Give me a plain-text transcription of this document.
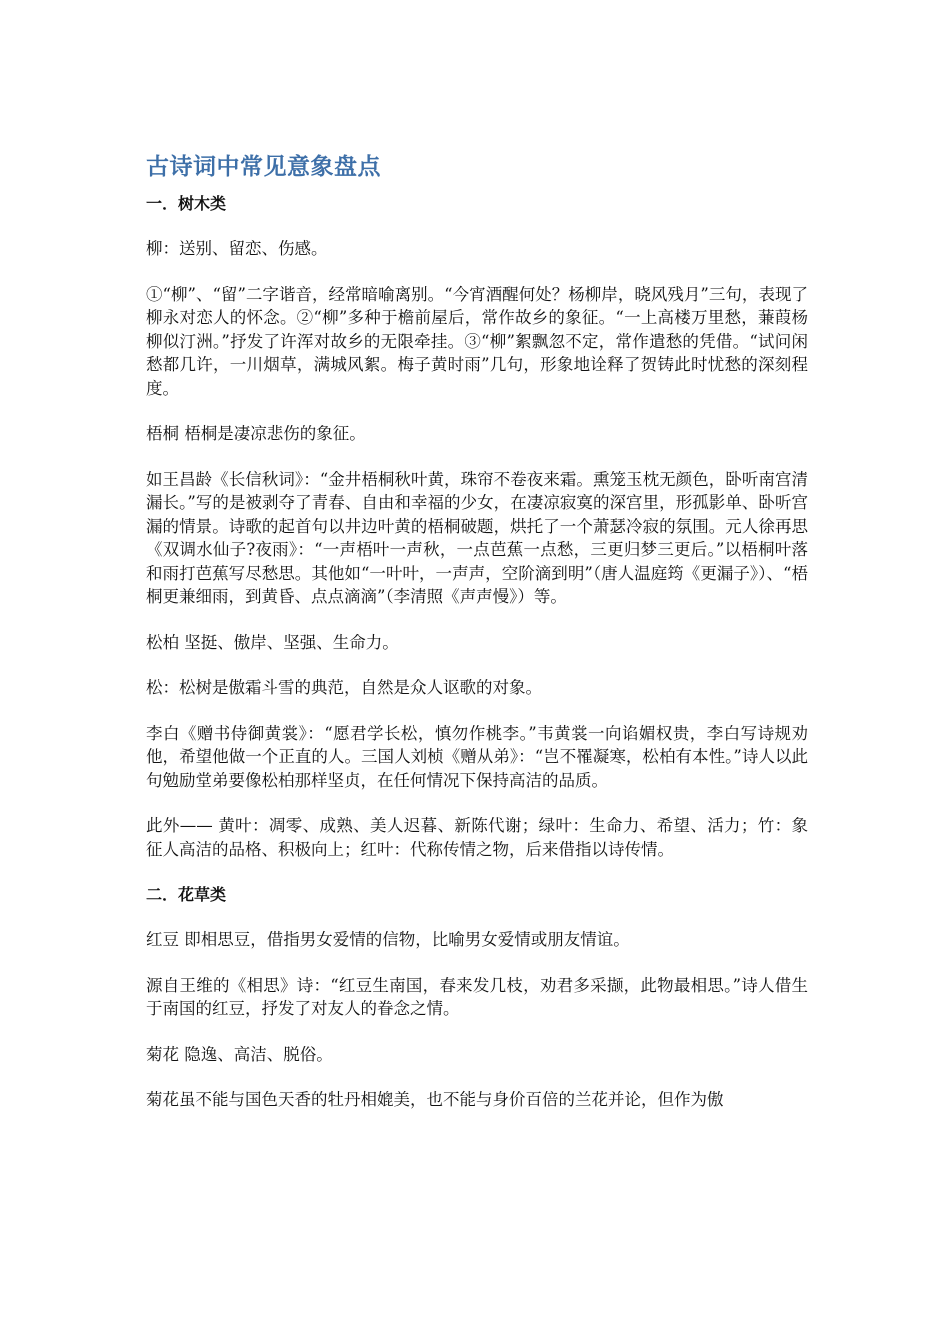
古诗词中常见意象盘点
一．树木类

柳：送别、留恋、伤感。

①“柳”、“留”二字谐音，经常暗喻离别。“今宵酒醒何处？杨柳岸，晓风残月”三句，表现了柳永对恋人的怀念。②“柳”多种于檐前屋后，常作故乡的象征。“一上高楼万里愁，蒹葭杨柳似汀洲。”抒发了许浑对故乡的无限牵挂。③“柳”絮飘忽不定，常作遣愁的凭借。“试问闲愁都几许，一川烟草，满城风絮。梅子黄时雨”几句，形象地诠释了贺铸此时忧愁的深刻程度。

梧桐 梧桐是凄凉悲伤的象征。

如王昌龄《长信秋词》：“金井梧桐秋叶黄，珠帘不卷夜来霜。熏笼玉枕无颜色，卧听南宫清漏长。”写的是被剥夺了青春、自由和幸福的少女，在凄凉寂寞的深宫里，形孤影单、卧听宫漏的情景。诗歌的起首句以井边叶黄的梧桐破题，烘托了一个萧瑟冷寂的氛围。元人徐再思《双调水仙子?夜雨》：“一声梧叶一声秋，一点芭蕉一点愁，三更归梦三更后。”以梧桐叶落和雨打芭蕉写尽愁思。其他如“一叶叶，一声声，空阶滴到明”（唐人温庭筠《更漏子》）、“梧桐更兼细雨，到黄昏、点点滴滴”（李清照《声声慢》）等。

松柏 坚挺、傲岸、坚强、生命力。

松：松树是傲霜斗雪的典范，自然是众人讴歌的对象。

李白《赠书侍御黄裳》：“愿君学长松，慎勿作桃李。”韦黄裳一向谄媚权贵，李白写诗规劝他，希望他做一个正直的人。三国人刘桢《赠从弟》：“岂不罹凝寒，松柏有本性。”诗人以此句勉励堂弟要像松柏那样坚贞，在任何情况下保持高洁的品质。

此外—— 黄叶：凋零、成熟、美人迟暮、新陈代谢；绿叶：生命力、希望、活力；竹：象征人高洁的品格、积极向上；红叶：代称传情之物，后来借指以诗传情。

二．花草类

红豆 即相思豆，借指男女爱情的信物，比喻男女爱情或朋友情谊。

源自王维的《相思》诗：“红豆生南国，春来发几枝，劝君多采撷，此物最相思。”诗人借生于南国的红豆，抒发了对友人的眷念之情。

菊花 隐逸、高洁、脱俗。

菊花虽不能与国色天香的牡丹相媲美，也不能与身价百倍的兰花并论，但作为傲
